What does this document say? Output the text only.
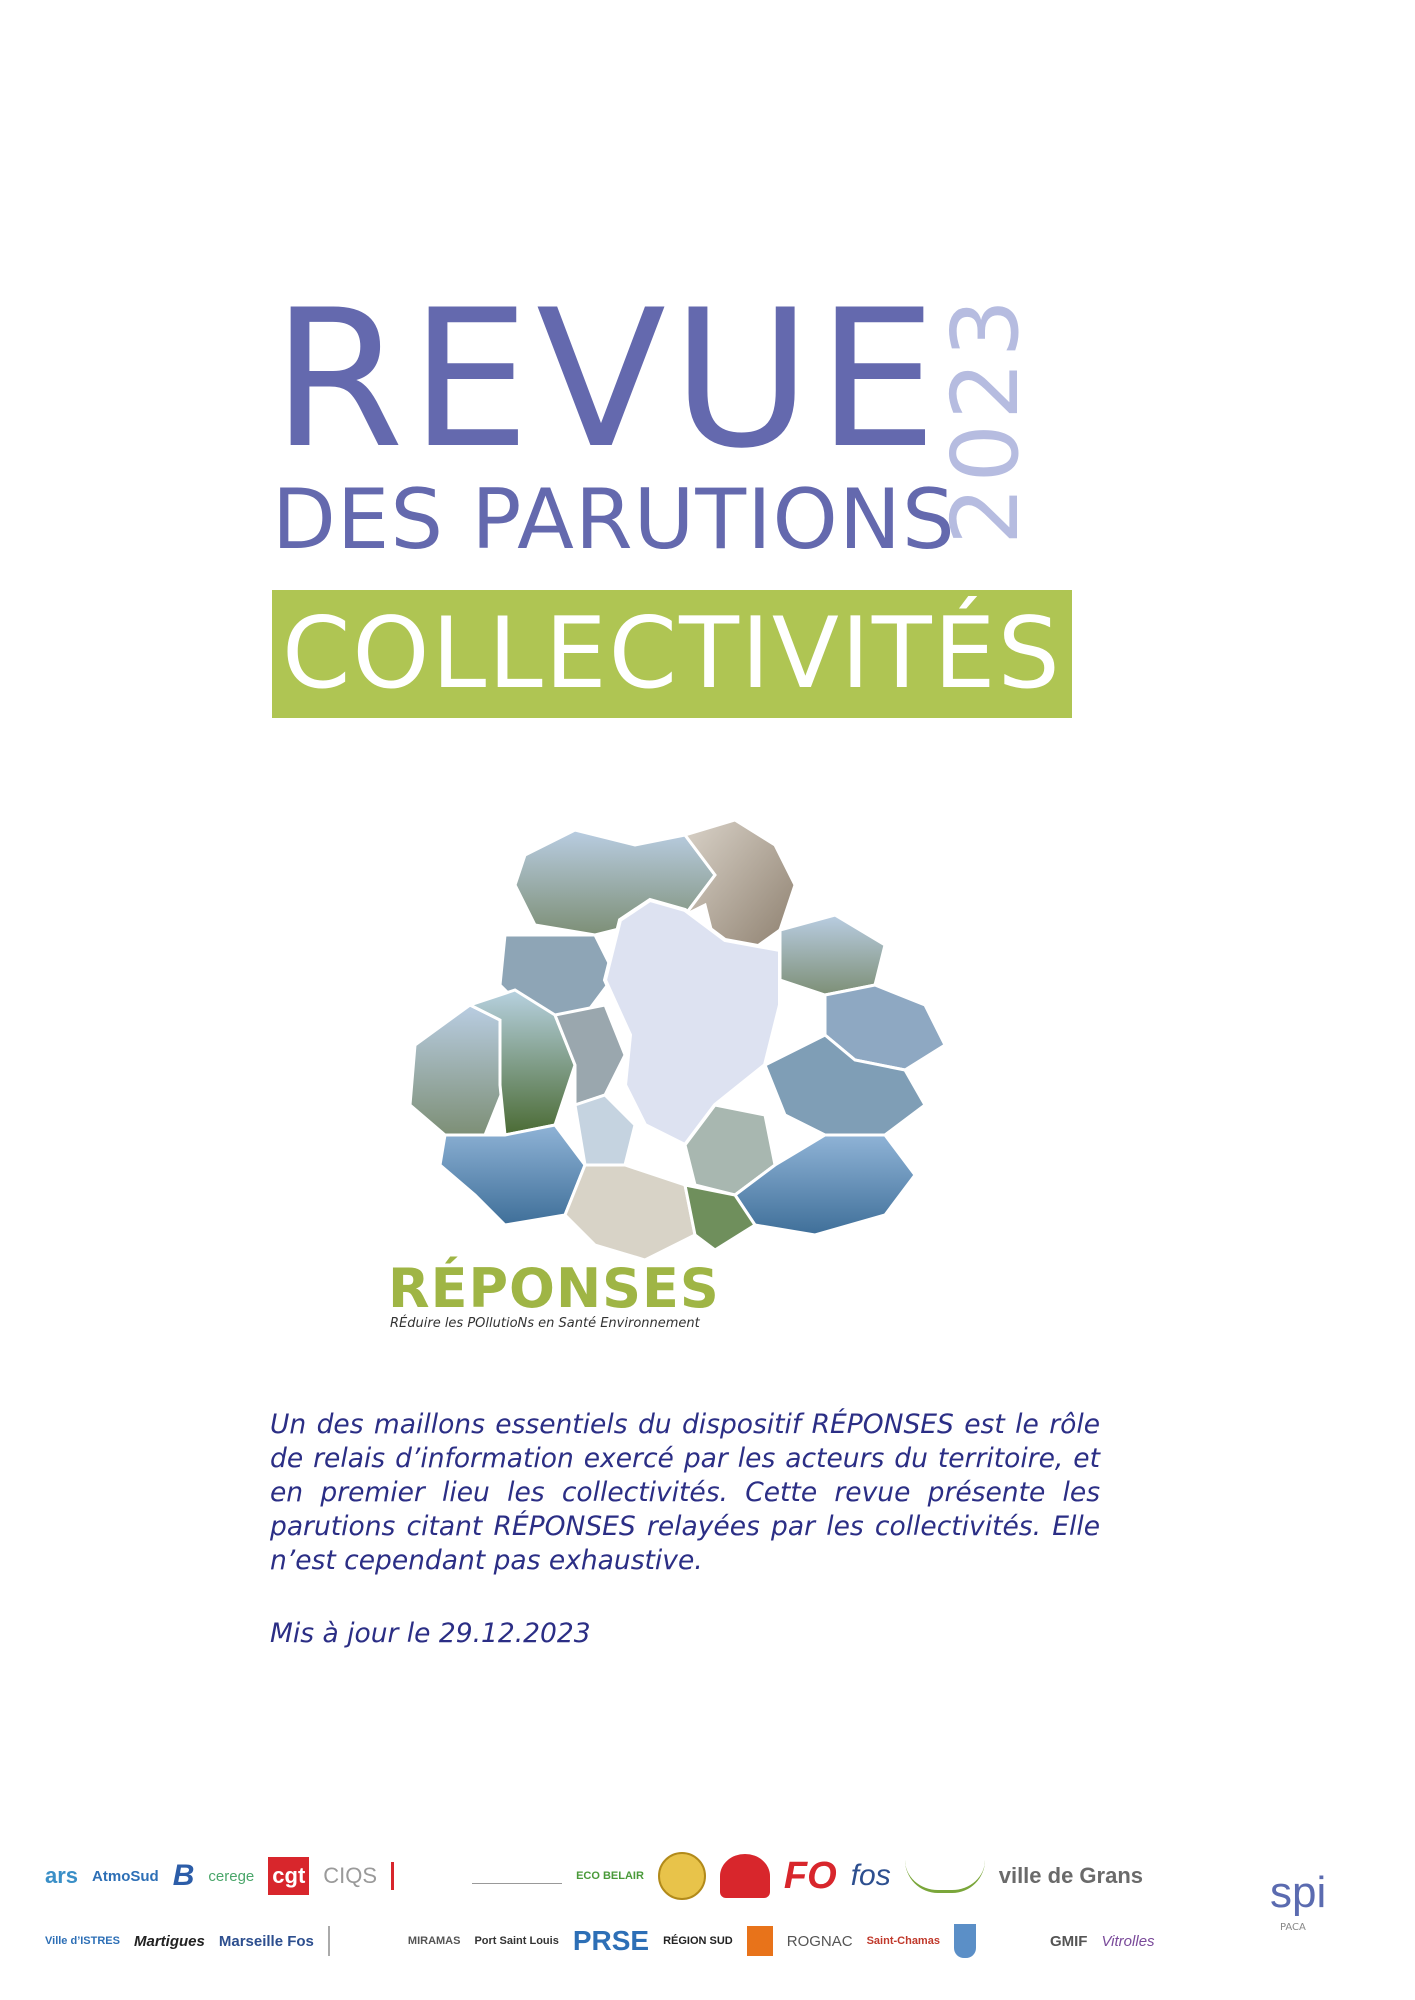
REVUE
DES PARUTIONS
2023
COLLECTIVITÉS
RÉPONSES
RÉduire les POllutioNs en Santé Environnement

Un des maillons essentiels du dispositif RÉPONSES est le rôle de relais d’information exercé par les acteurs du territoire, et en premier lieu les collectivités. Cette revue présente les parutions citant RÉPONSES relayées par les collectivités. Elle n’est cependant pas exhaustive.

Mis à jour le 29.12.2023
ars AtmoSud B cerege cgt CIQS	ECO BELAIR	FO fos	ville de Grans
Ville d’ISTRES Martigues Marseille Fos	MIRAMAS Port Saint Louis PRSE RÉGION SUD	ROGNAC Saint-Chamas	GMIF Vitrolles
spi
PACA
